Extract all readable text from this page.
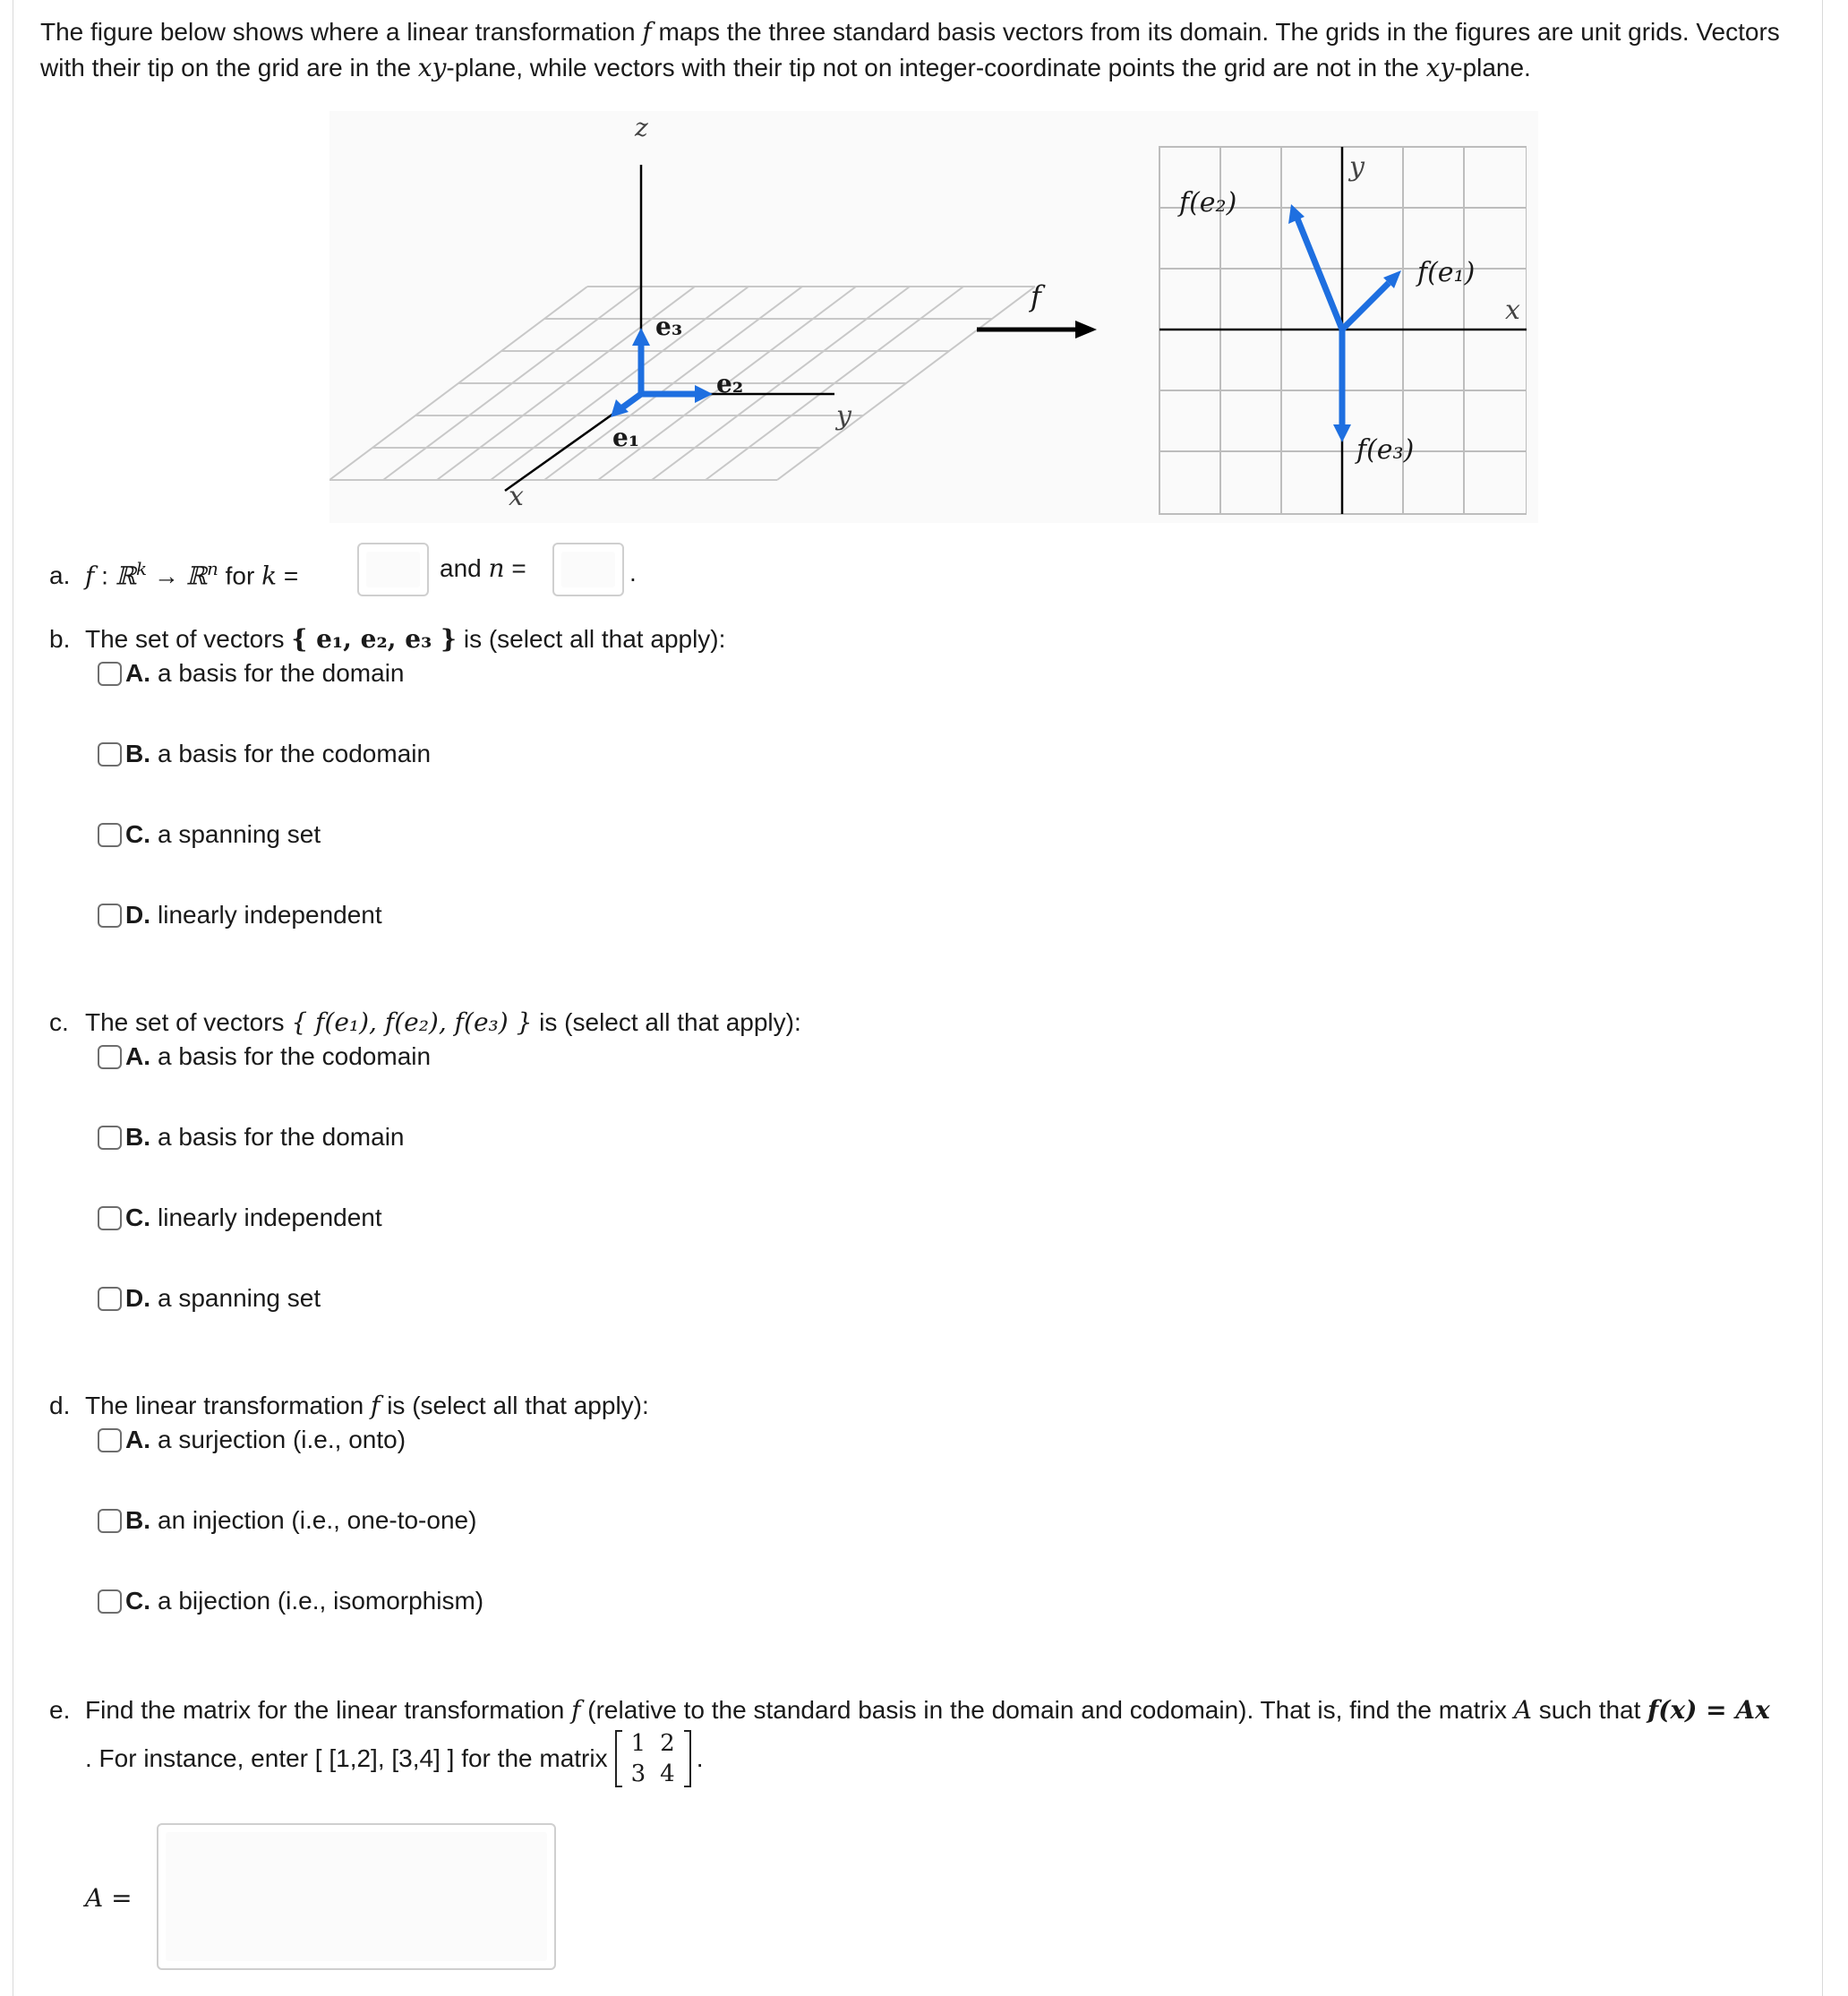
The figure below shows where a linear transformation f maps the three standard basis vectors from its domain. The grids in the figures are unit grids. Vectors with their tip on the grid are in the xy-plane, while vectors with their tip not on integer-coordinate points the grid are not in the xy-plane.
z
x
y
e₃
e₂
e₁
f
y
x
f(e₂)
f(e₁)
f(e₃)
a. f : ℝ$^k$ → ℝ$^n$ for k =	and n =	.
b. The set of vectors { e₁, e₂, e₃ } is (select all that apply):
A. a basis for the domain
B. a basis for the codomain
C. a spanning set
D. linearly independent
c. The set of vectors { f(e₁), f(e₂), f(e₃) } is (select all that apply):
A. a basis for the codomain
B. a basis for the domain
C. linearly independent
D. a spanning set
d. The linear transformation f is (select all that apply):
A. a surjection (i.e., onto)
B. an injection (i.e., one-to-one)
C. a bijection (i.e., isomorphism)
e. Find the matrix for the linear transformation f (relative to the standard basis in the domain and codomain). That is, find the matrix A such that f(x) = Ax
. For instance, enter [ [1,2], [3,4] ] for the matrix
1	2
3	4
.
A =
